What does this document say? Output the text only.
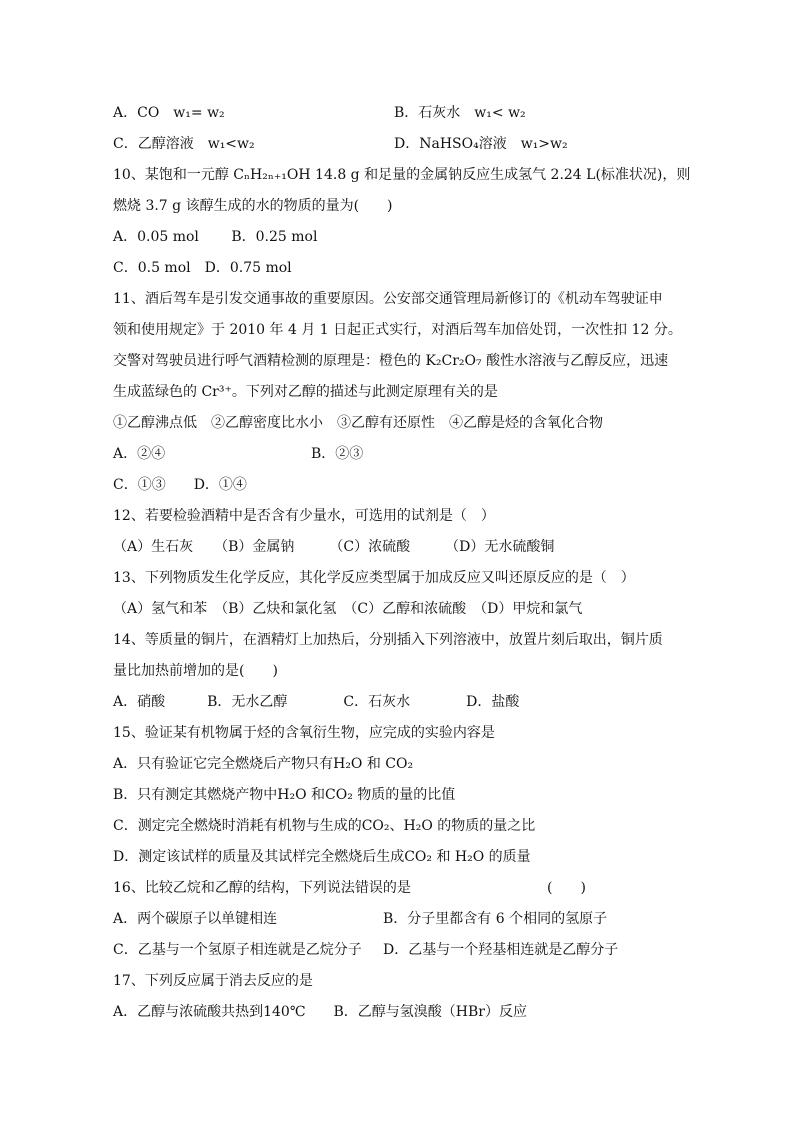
A．CO　w₁= w₂	B．石灰水　w₁< w₂
C．乙醇溶液　w₁<w₂	D．NaHSO₄溶液　w₁>w₂
10、某饱和一元醇 CₙH₂ₙ₊₁OH 14.8 g 和足量的金属钠反应生成氢气 2.24 L(标准状况)，则
燃烧 3.7 g 该醇生成的水的物质的量为(　　)
A．0.05 mol　　 B．0.25 mol
C．0.5 mol　D．0.75 mol
11、酒后驾车是引发交通事故的重要原因。公安部交通管理局新修订的《机动车驾驶证申
领和使用规定》于 2010 年 4 月 1 日起正式实行，对酒后驾车加倍处罚，一次性扣 12 分。
交警对驾驶员进行呼气酒精检测的原理是：橙色的 K₂Cr₂O₇ 酸性水溶液与乙醇反应，迅速
生成蓝绿色的 Cr³⁺。下列对乙醇的描述与此测定原理有关的是
①乙醇沸点低　②乙醇密度比水小　③乙醇有还原性　④乙醇是烃的含氧化合物
A．②④	B．②③
C．①③　　D．①④
12、若要检验酒精中是否含有少量水，可选用的试剂是（　）
（A）生石灰　　（B）金属钠　　　（C）浓硫酸　　　（D）无水硫酸铜
13、下列物质发生化学反应，其化学反应类型属于加成反应又叫还原反应的是（　）
（A）氢气和苯　（B）乙炔和氯化氢　（C）乙醇和浓硫酸　（D）甲烷和氯气
14、等质量的铜片，在酒精灯上加热后，分别插入下列溶液中，放置片刻后取出，铜片质
量比加热前增加的是(　　)
A．硝酸　　　B．无水乙醇　　　　C．石灰水　　　　D．盐酸
15、验证某有机物属于烃的含氧衍生物，应完成的实验内容是
A．只有验证它完全燃烧后产物只有H₂O 和 CO₂
B．只有测定其燃烧产物中H₂O 和CO₂ 物质的量的比值
C．测定完全燃烧时消耗有机物与生成的CO₂、H₂O 的物质的量之比
D．测定该试样的质量及其试样完全燃烧后生成CO₂ 和 H₂O 的质量
16、比较乙烷和乙醇的结构，下列说法错误的是	(　　)
A．两个碳原子以单键相连	B．分子里都含有 6 个相同的氢原子
C．乙基与一个氢原子相连就是乙烷分子 D．乙基与一个羟基相连就是乙醇分子
17、下列反应属于消去反应的是
A．乙醇与浓硫酸共热到140℃　　B．乙醇与氢溴酸（HBr）反应
